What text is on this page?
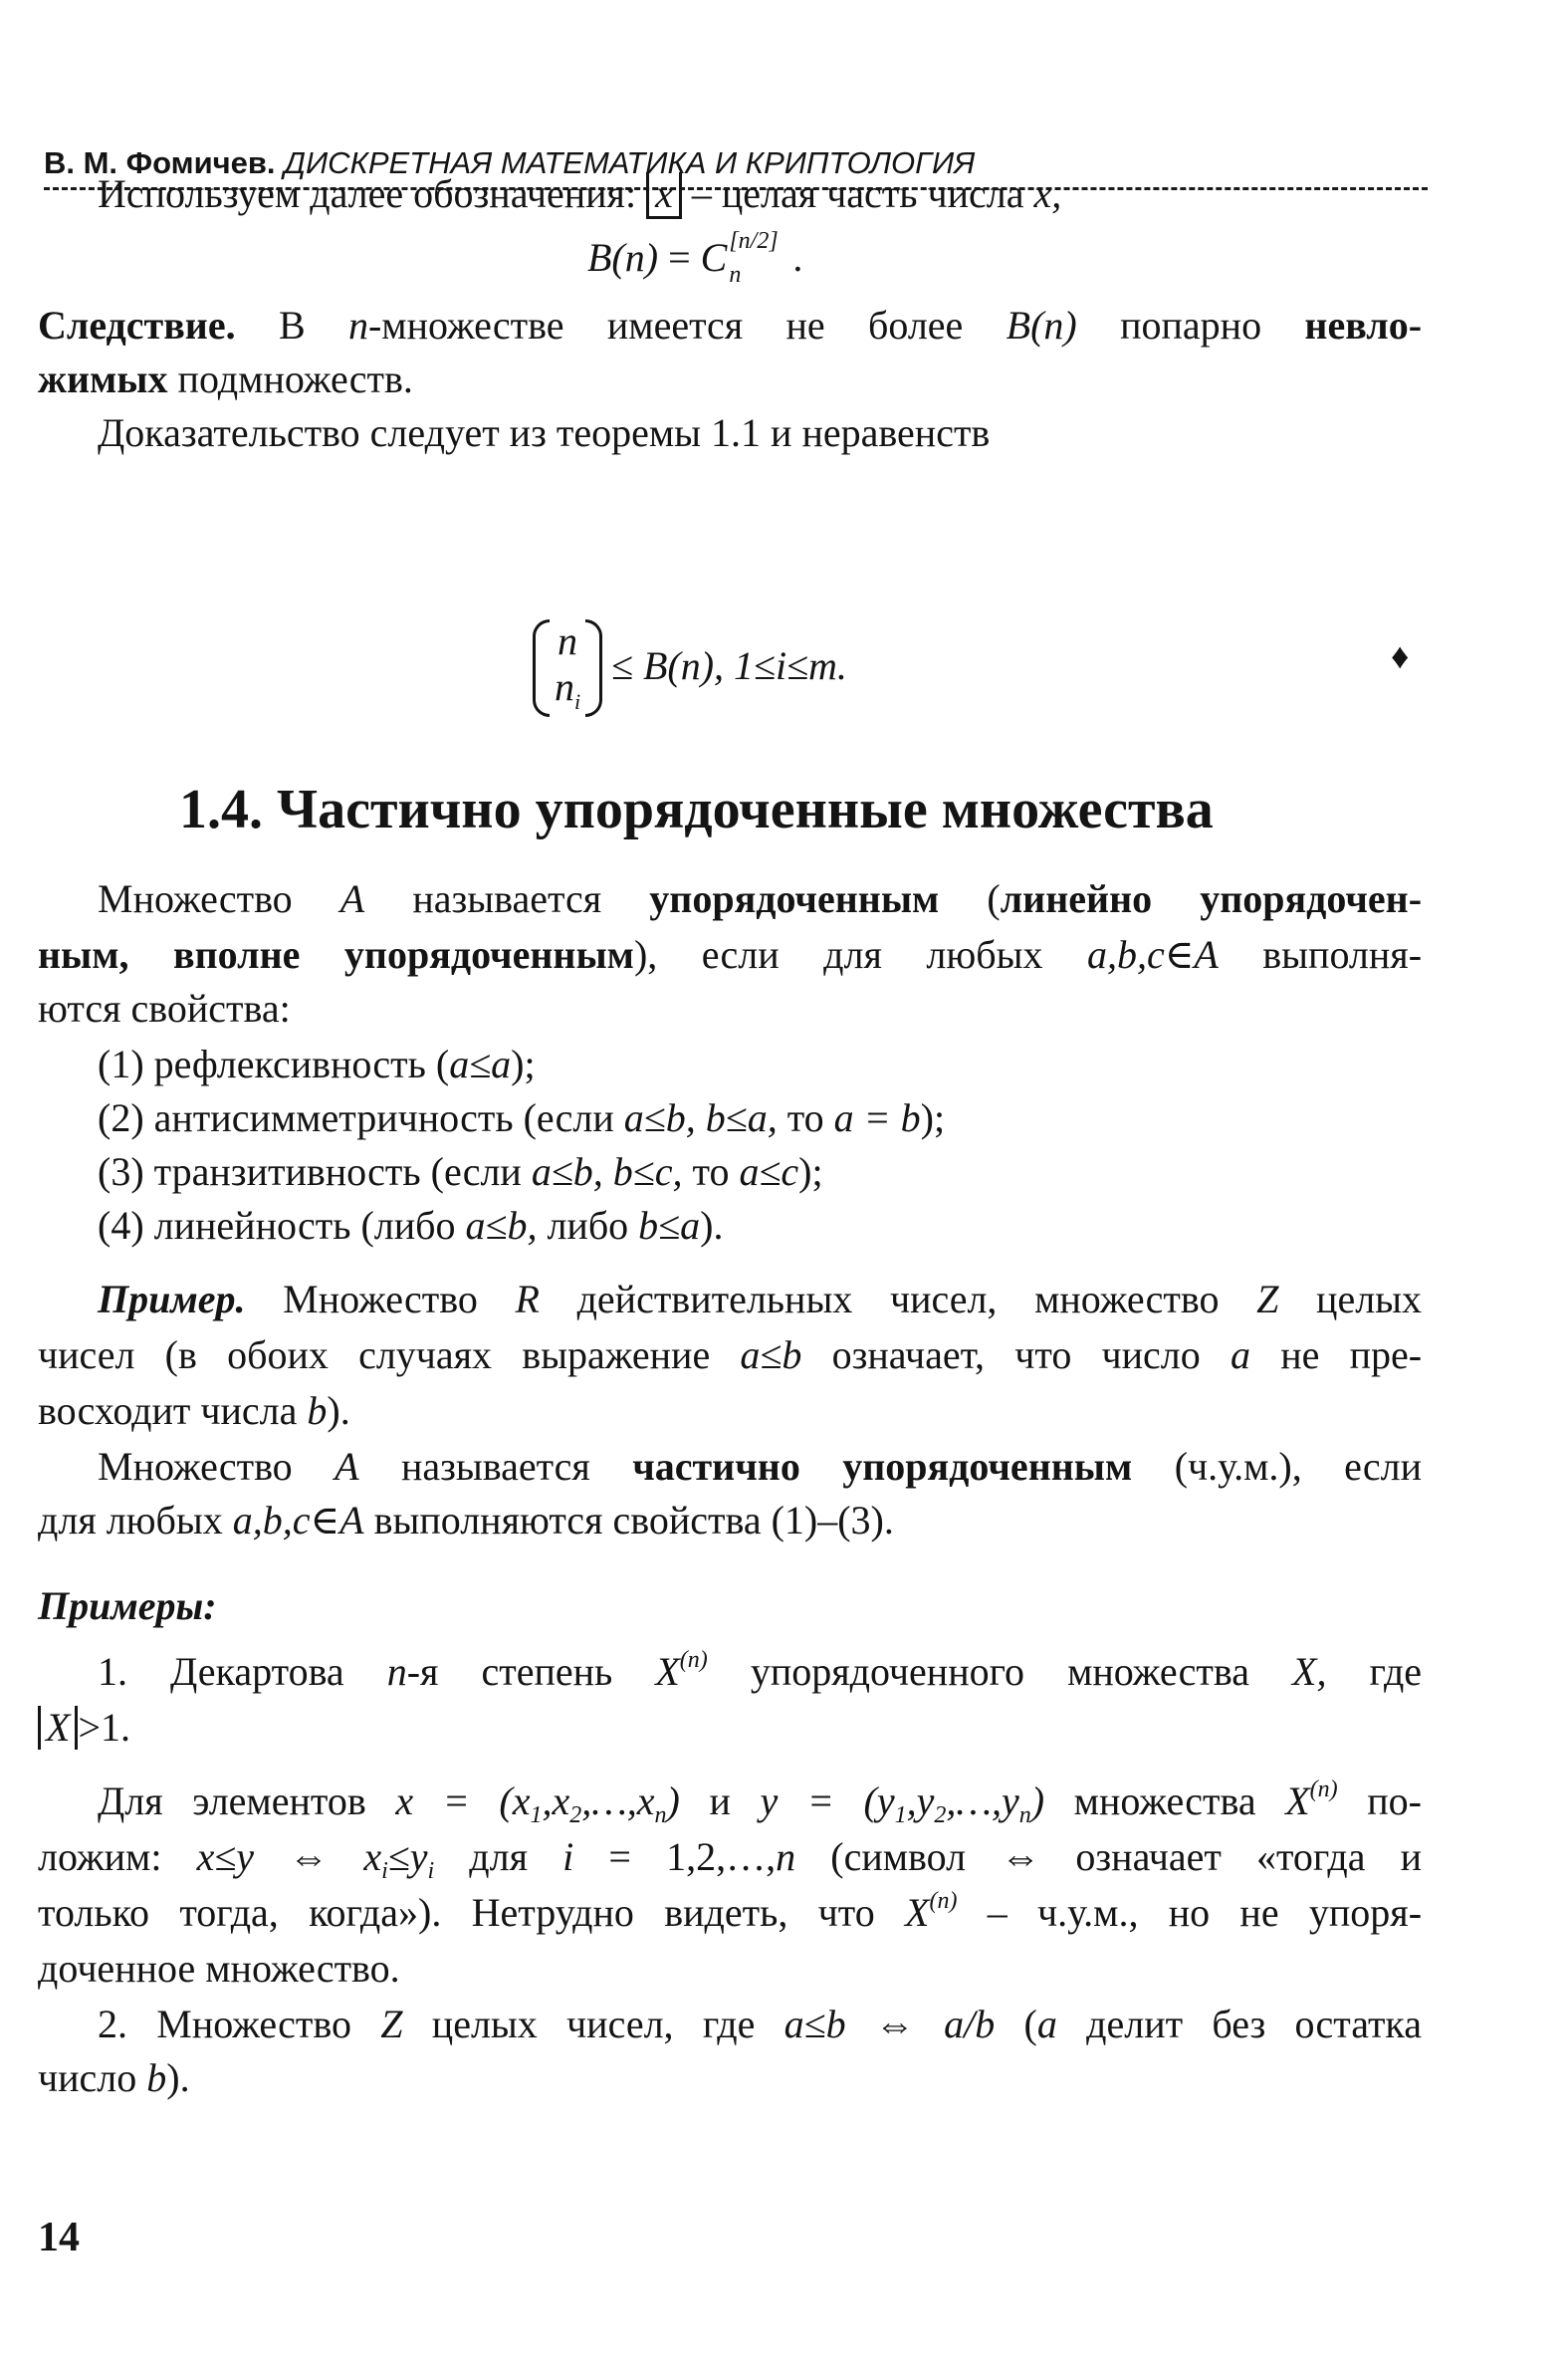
В. М. Фомичев. ДИСКРЕТНАЯ МАТЕМАТИКА И КРИПТОЛОГИЯ
Используем далее обозначения: x – целая часть числа x,
B(n) = C [n/2]
n .
Следствие. В n-множестве имеется не более B(n) попарно невло-
жимых подмножеств.
Доказательство следует из теоремы 1.1 и неравенств
n
$n_i$
≤ B(n), 1≤i≤m.	♦
1.4. Частично упорядоченные множества
Множество A называется упорядоченным (линейно упорядочен-
ным, вполне упорядоченным), если для любых a,b,c∈A выполня-
ются свойства:
(1) рефлексивность (a≤a);
(2) антисимметричность (если a≤b, b≤a, то a = b);
(3) транзитивность (если a≤b, b≤c, то a≤c);
(4) линейность (либо a≤b, либо b≤a).
Пример. Множество R действительных чисел, множество Z целых
чисел (в обоих случаях выражение a≤b означает, что число a не пре-
восходит числа b).
Множество A называется частично упорядоченным (ч.у.м.), если
для любых a,b,c∈A выполняются свойства (1)–(3).
Примеры:
1. Декартова n-я степень $X^{(n)}$ упорядоченного множества X, где
X >1.
Для элементов $x = (x_1,x_2,\dots,x_n)$ и $y = (y_1,y_2,\dots,y_n)$ множества $X^{(n)}$ по-
ложим: x≤y ⇔ $x_i\le y_i$ для i = 1,2,…,n (символ ⇔ означает «тогда и
только тогда, когда»). Нетрудно видеть, что $X^{(n)} - ч.у.м$., но не упоря-
доченное множество.
2. Множество Z целых чисел, где a≤b ⇔ a/b (a делит без остатка
число b).
14
